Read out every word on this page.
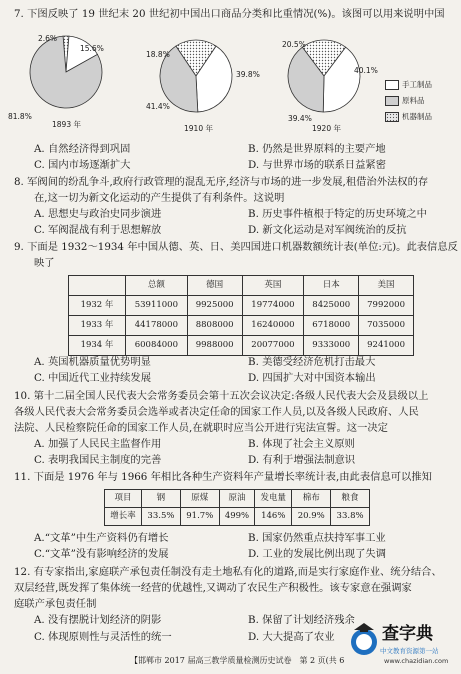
7. 下图反映了 19 世纪末 20 世纪初中国出口商品分类和比重情况(%)。该图可以用来说明中国
2.6%
15.6%
81.8%
1893 年
18.8%
39.8%
41.4%
1910 年
20.5%
40.1%
39.4%
1920 年
手工制品
原料品
机器制品
A. 自然经济得到巩固	B. 仍然是世界原料的主要产地
C. 国内市场逐渐扩大	D. 与世界市场的联系日益紧密
8. 军阀间的纷乱争斗,政府行政管理的混乱无序,经济与市场的进一步发展,租借治外法权的存
在,这一切为新文化运动的产生提供了有利条件。这说明
A. 思想史与政治史同步演进	B. 历史事件植根于特定的历史环境之中
C. 军阀混战有利于思想解放	D. 新文化运动是对军阀统治的反抗
9. 下面是 1932～1934 年中国从德、英、日、美四国进口机器数额统计表(单位:元)。此表信息反
映了
	总额	德国	英国	日本	美国
1932 年	53911000	9925000	19774000	8425000	7992000
1933 年	44178000	8808000	16240000	6718000	7035000
1934 年	60084000	9988000	20077000	9333000	9241000
A. 英国机器质量优势明显	B. 美德受经济危机打击最大
C. 中国近代工业持续发展	D. 四国扩大对中国资本输出
10. 第十二届全国人民代表大会常务委员会第十五次会议决定:各级人民代表大会及县级以上
各级人民代表大会常务委员会选举或者决定任命的国家工作人员,以及各级人民政府、人民
法院、人民检察院任命的国家工作人员,在就职时应当公开进行宪法宣誓。这一决定
A. 加强了人民民主监督作用	B. 体现了社会主义原则
C. 表明我国民主制度的完善	D. 有利于增强法制意识
11. 下面是 1976 年与 1966 年相比各种生产资料年产量增长率统计表,由此表信息可以推知
项目	钢	原煤	原油	发电量	棉布	粮食
增长率	33.5%	91.7%	499%	146%	20.9%	33.8%
A.“文革”中生产资料仍有增长	B. 国家仍然重点扶持军事工业
C.“文革”没有影响经济的发展	D. 工业的发展比例出现了失调
12. 有专家指出,家庭联产承包责任制没有走土地私有化的道路,而是实行家庭作业、统分结合、
双层经营,既发挥了集体统一经营的优越性,又调动了农民生产积极性。该专家意在强调家
庭联产承包责任制
A. 没有摆脱计划经济的阴影	B. 保留了计划经济残余
C. 体现原则性与灵活性的统一	D. 大大提高了农业
【邯郸市 2017 届高三教学质量检测历史试卷　第 2 页(共 6
查字典
中文教育资源第一站
www.chazidian.com
